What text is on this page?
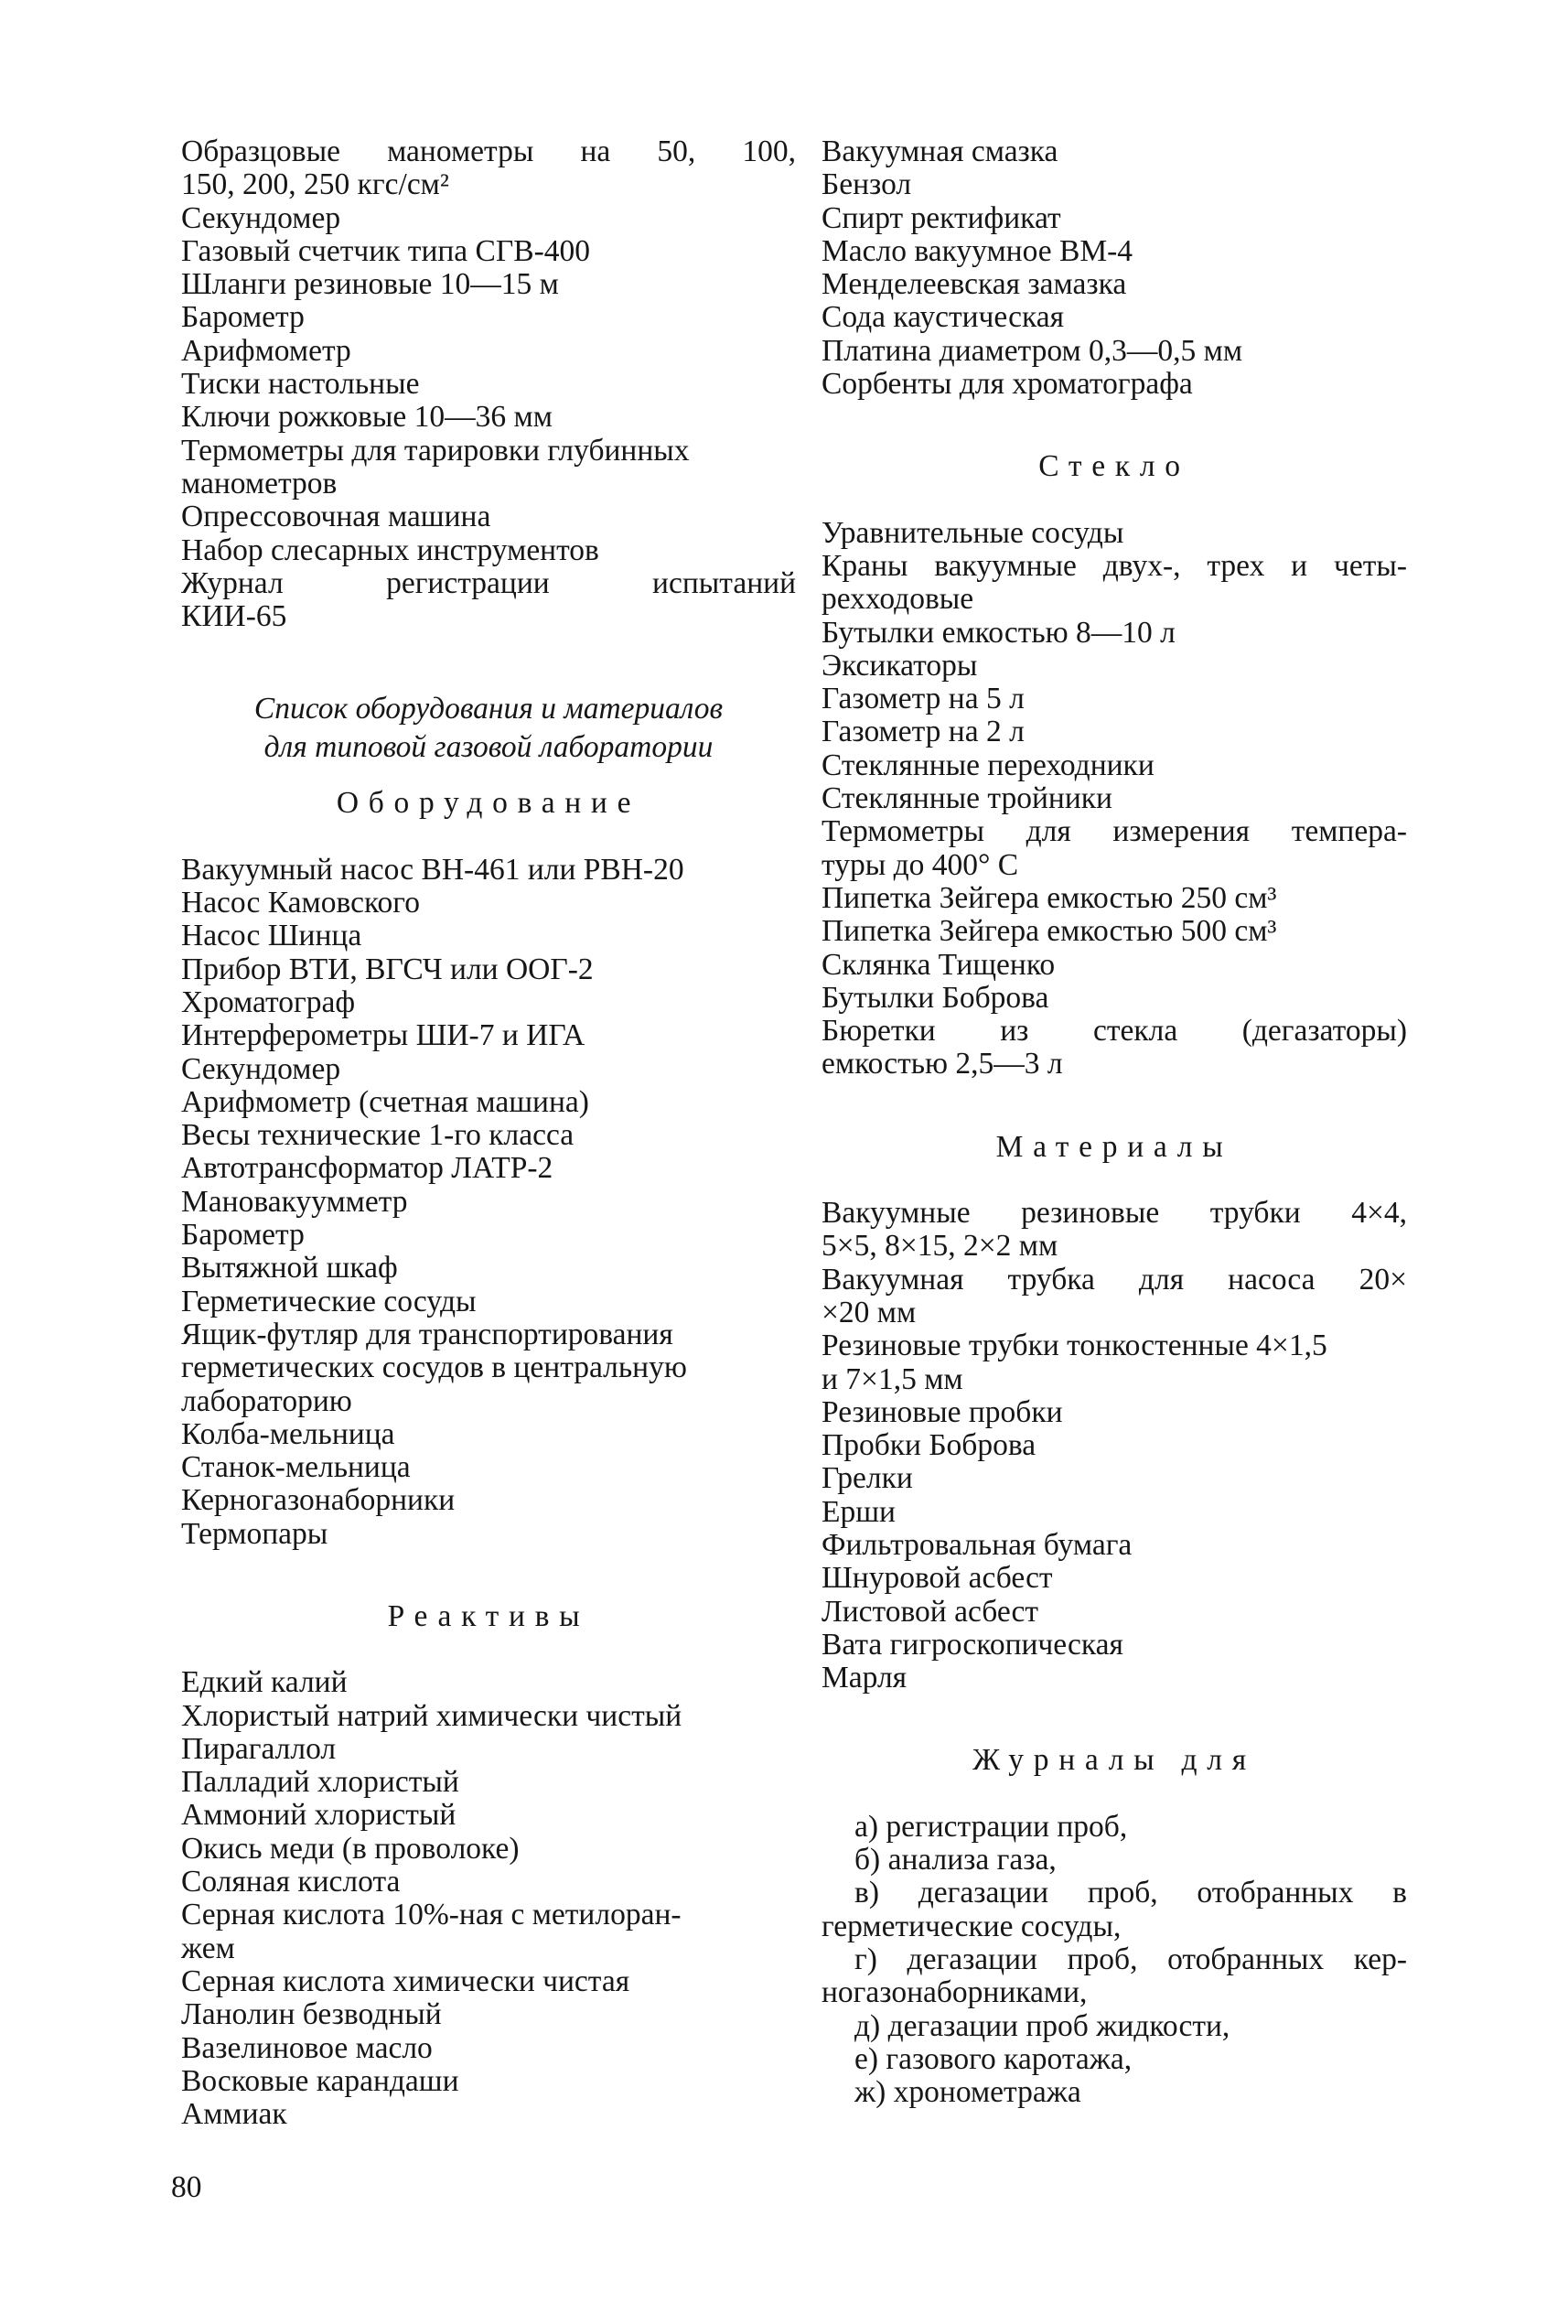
Образцовые манометры на 50, 100,
150, 200, 250 кгс/см²
Секундомер
Газовый счетчик типа СГВ-400
Шланги резиновые 10—15 м
Барометр
Арифмометр
Тиски настольные
Ключи рожковые 10—36 мм
Термометры для тарировки глубинных
манометров
Опрессовочная машина
Набор слесарных инструментов
Журнал регистрации испытаний
КИИ-65
Список оборудования и материалов
для типовой газовой лаборатории
Оборудование
Вакуумный насос ВН-461 или РВН-20
Насос Камовского
Насос Шинца
Прибор ВТИ, ВГСЧ или ООГ-2
Хроматограф
Интерферометры ШИ-7 и ИГА
Секундомер
Арифмометр (счетная машина)
Весы технические 1-го класса
Автотрансформатор ЛАТР-2
Мановакуумметр
Барометр
Вытяжной шкаф
Герметические сосуды
Ящик-футляр для транспортирования
герметических сосудов в центральную
лабораторию
Колба-мельница
Станок-мельница
Керногазонаборники
Термопары
Реактивы
Едкий калий
Хлористый натрий химически чистый
Пирагаллол
Палладий хлористый
Аммоний хлористый
Окись меди (в проволоке)
Соляная кислота
Серная кислота 10%-ная с метилоран-
жем
Серная кислота химически чистая
Ланолин безводный
Вазелиновое масло
Восковые карандаши
Аммиак
Вакуумная смазка
Бензол
Спирт ректификат
Масло вакуумное ВМ-4
Менделеевская замазка
Сода каустическая
Платина диаметром 0,3—0,5 мм
Сорбенты для хроматографа
Стекло
Уравнительные сосуды
Краны вакуумные двух-, трех и четы-
рехходовые
Бутылки емкостью 8—10 л
Эксикаторы
Газометр на 5 л
Газометр на 2 л
Стеклянные переходники
Стеклянные тройники
Термометры для измерения темпера-
туры до 400° С
Пипетка Зейгера емкостью 250 см³
Пипетка Зейгера емкостью 500 см³
Склянка Тищенко
Бутылки Боброва
Бюретки из стекла (дегазаторы)
емкостью 2,5—3 л
Материалы
Вакуумные резиновые трубки 4×4,
5×5, 8×15, 2×2 мм
Вакуумная трубка для насоса 20×
×20 мм
Резиновые трубки тонкостенные 4×1,5
и 7×1,5 мм
Резиновые пробки
Пробки Боброва
Грелки
Ерши
Фильтровальная бумага
Шнуровой асбест
Листовой асбест
Вата гигроскопическая
Марля
Журналы для
а) регистрации проб,
б) анализа газа,
в) дегазации проб, отобранных в
герметические сосуды,
г) дегазации проб, отобранных кер-
ногазонаборниками,
д) дегазации проб жидкости,
е) газового каротажа,
ж) хронометража
80
